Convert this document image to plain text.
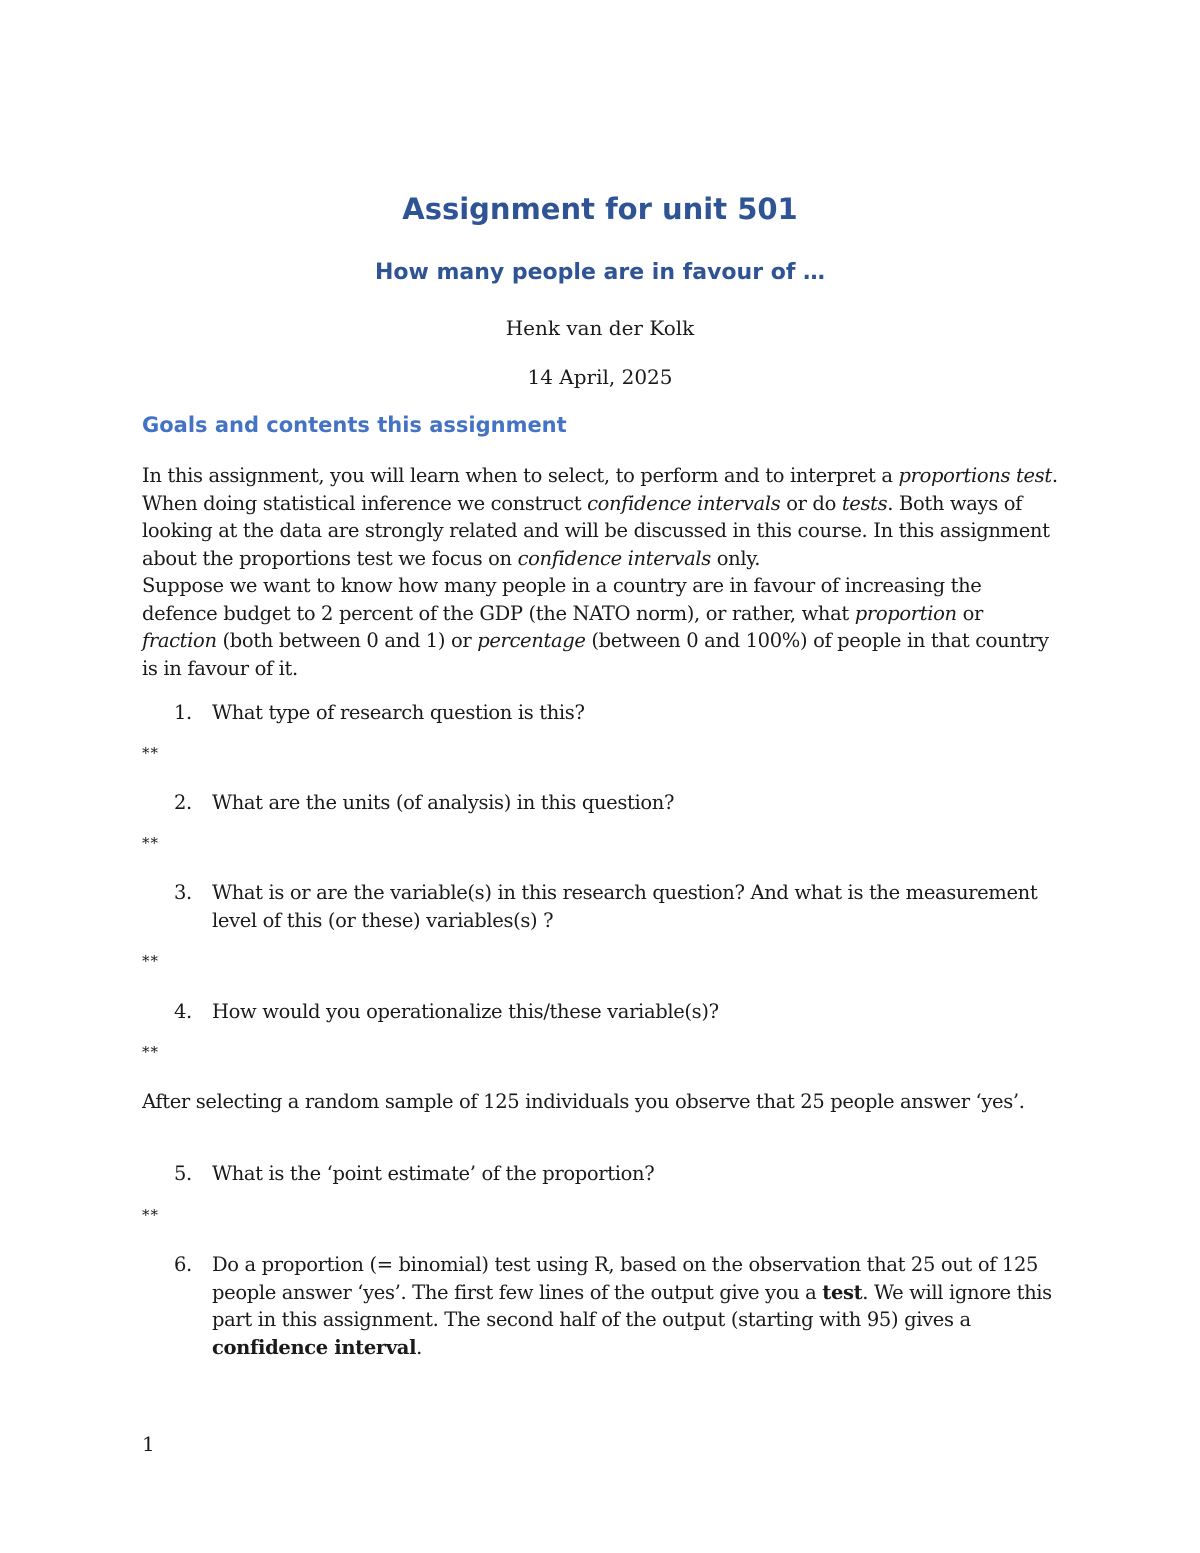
Assignment for unit 501
How many people are in favour of …
Henk van der Kolk
14 April, 2025
Goals and contents this assignment

In this assignment, you will learn when to select, to perform and to interpret a proportions test. When doing statistical inference we construct confidence intervals or do tests. Both ways of looking at the data are strongly related and will be discussed in this course. In this assignment about the proportions test we focus on confidence intervals only.

Suppose we want to know how many people in a country are in favour of increasing the defence budget to 2 percent of the GDP (the NATO norm), or rather, what proportion or fraction (both between 0 and 1) or percentage (between 0 and 100%) of people in that country is in favour of it.

1. What type of research question is this?
**
2. What are the units (of analysis) in this question?
**
3. What is or are the variable(s) in this research question? And what is the measurement level of this (or these) variables(s) ?
**
4. How would you operationalize this/these variable(s)?
**
After selecting a random sample of 125 individuals you observe that 25 people answer ‘yes’.
5. What is the ‘point estimate’ of the proportion?
**
6. Do a proportion (= binomial) test using R, based on the observation that 25 out of 125 people answer ‘yes’. The first few lines of the output give you a test. We will ignore this part in this assignment. The second half of the output (starting with 95) gives a confidence interval.
1
